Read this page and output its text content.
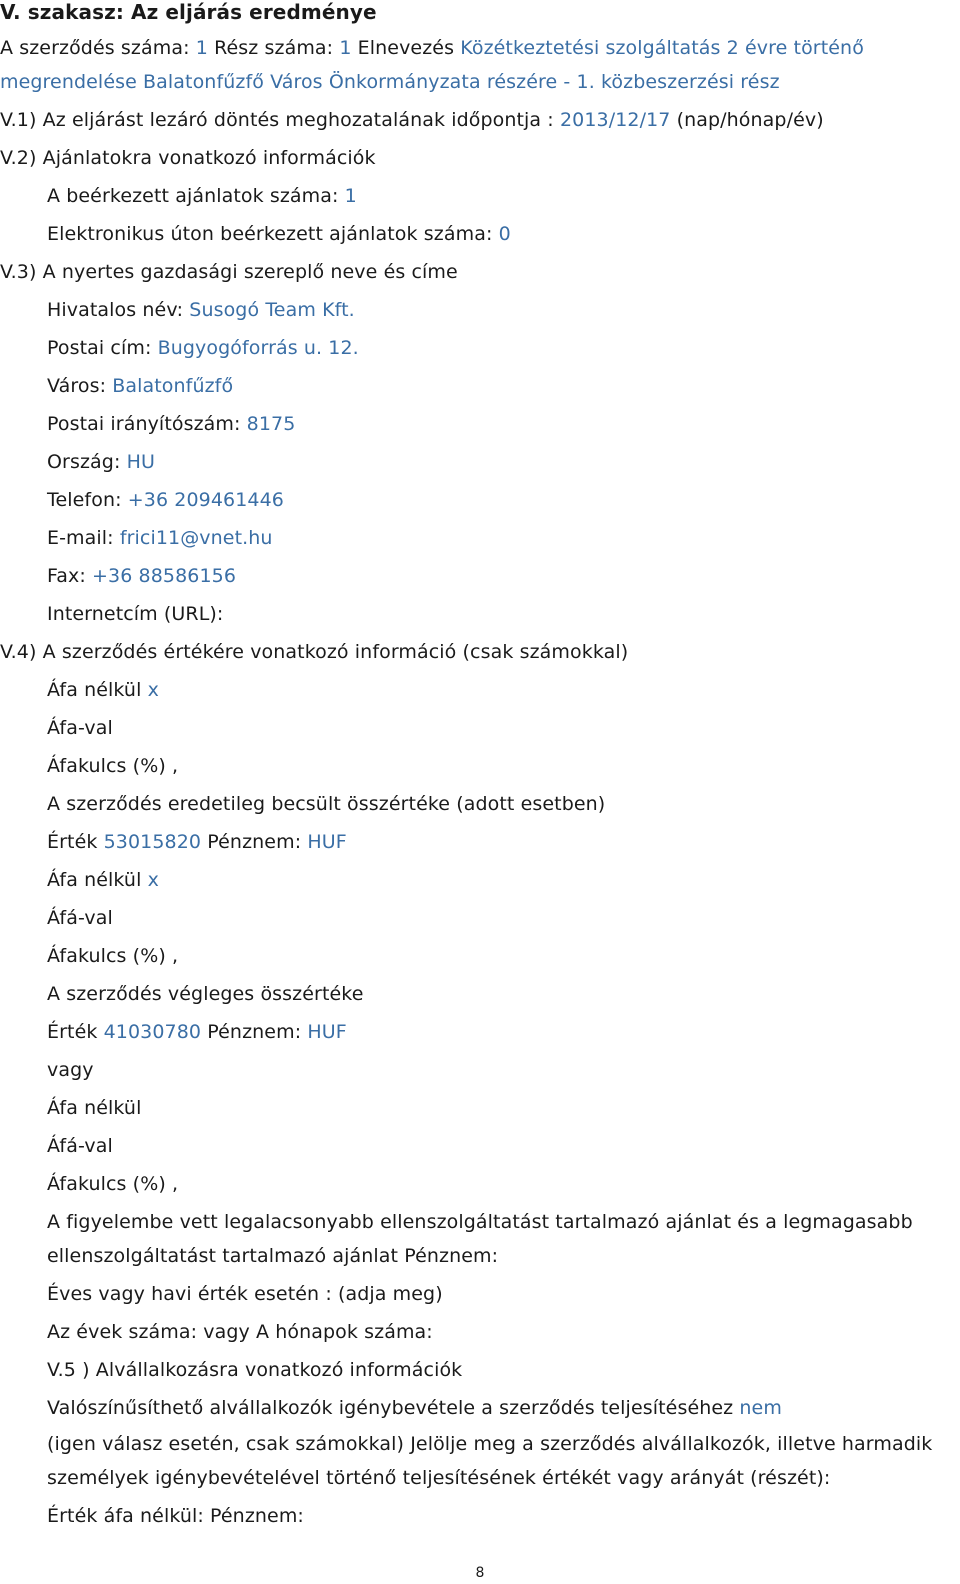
V. szakasz: Az eljárás eredménye
A szerződés száma: 1 Rész száma: 1 Elnevezés Közétkeztetési szolgáltatás 2 évre történő
megrendelése Balatonfűzfő Város Önkormányzata részére - 1. közbeszerzési rész
V.1) Az eljárást lezáró döntés meghozatalának időpontja : 2013/12/17 (nap/hónap/év)
V.2) Ajánlatokra vonatkozó információk
A beérkezett ajánlatok száma: 1
Elektronikus úton beérkezett ajánlatok száma: 0
V.3) A nyertes gazdasági szereplő neve és címe
Hivatalos név: Susogó Team Kft.
Postai cím: Bugyogóforrás u. 12.
Város: Balatonfűzfő
Postai irányítószám: 8175
Ország: HU
Telefon: +36 209461446
E-mail: frici11@vnet.hu
Fax: +36 88586156
Internetcím (URL):
V.4) A szerződés értékére vonatkozó információ (csak számokkal)
Áfa nélkül x
Áfa-val
Áfakulcs (%) ,
A szerződés eredetileg becsült összértéke (adott esetben)
Érték 53015820 Pénznem: HUF
Áfa nélkül x
Áfá-val
Áfakulcs (%) ,
A szerződés végleges összértéke
Érték 41030780 Pénznem: HUF
vagy
Áfa nélkül
Áfá-val
Áfakulcs (%) ,
A figyelembe vett legalacsonyabb ellenszolgáltatást tartalmazó ajánlat és a legmagasabb
ellenszolgáltatást tartalmazó ajánlat Pénznem:
Éves vagy havi érték esetén : (adja meg)
Az évek száma: vagy A hónapok száma:
V.5 ) Alvállalkozásra vonatkozó információk
Valószínűsíthető alvállalkozók igénybevétele a szerződés teljesítéséhez nem
(igen válasz esetén, csak számokkal) Jelölje meg a szerződés alvállalkozók, illetve harmadik
személyek igénybevételével történő teljesítésének értékét vagy arányát (részét):
Érték áfa nélkül: Pénznem:
8
